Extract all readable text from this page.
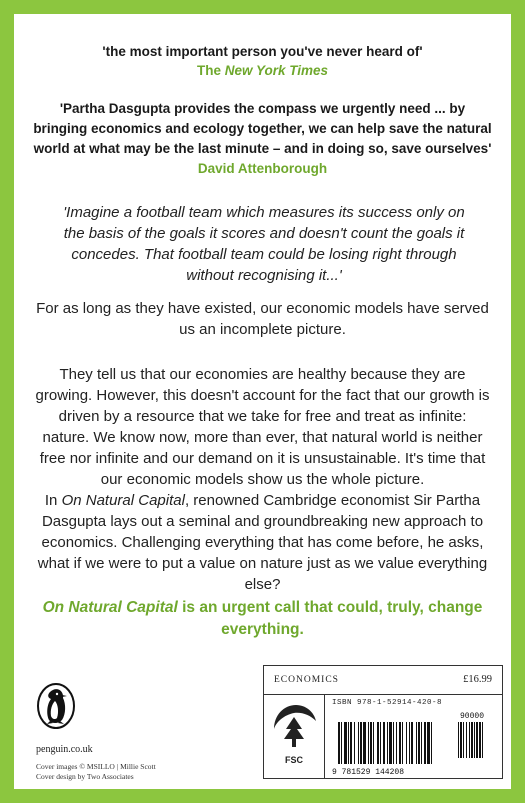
'the most important person you've never heard of'
The New York Times
'Partha Dasgupta provides the compass we urgently need ... by bringing economics and ecology together, we can help save the natural world at what may be the last minute – and in doing so, save ourselves'
David Attenborough
'Imagine a football team which measures its success only on the basis of the goals it scores and doesn't count the goals it concedes. That football team could be losing right through without recognising it...'
For as long as they have existed, our economic models have served us an incomplete picture.
They tell us that our economies are healthy because they are growing. However, this doesn't account for the fact that our growth is driven by a resource that we take for free and treat as infinite: nature. We know now, more than ever, that natural world is neither free nor infinite and our demand on it is unsustainable. It's time that our economic models show us the whole picture.
In On Natural Capital, renowned Cambridge economist Sir Partha Dasgupta lays out a seminal and groundbreaking new approach to economics. Challenging everything that has come before, he asks, what if we were to put a value on nature just as we value everything else?
On Natural Capital is an urgent call that could, truly, change everything.
penguin.co.uk
Cover images © MSILLO | Millie Scott
Cover design by Two Associates
ECONOMICS	£16.99
FSC
ISBN 978-1-52914-420-8
9 781529 144208
90000
